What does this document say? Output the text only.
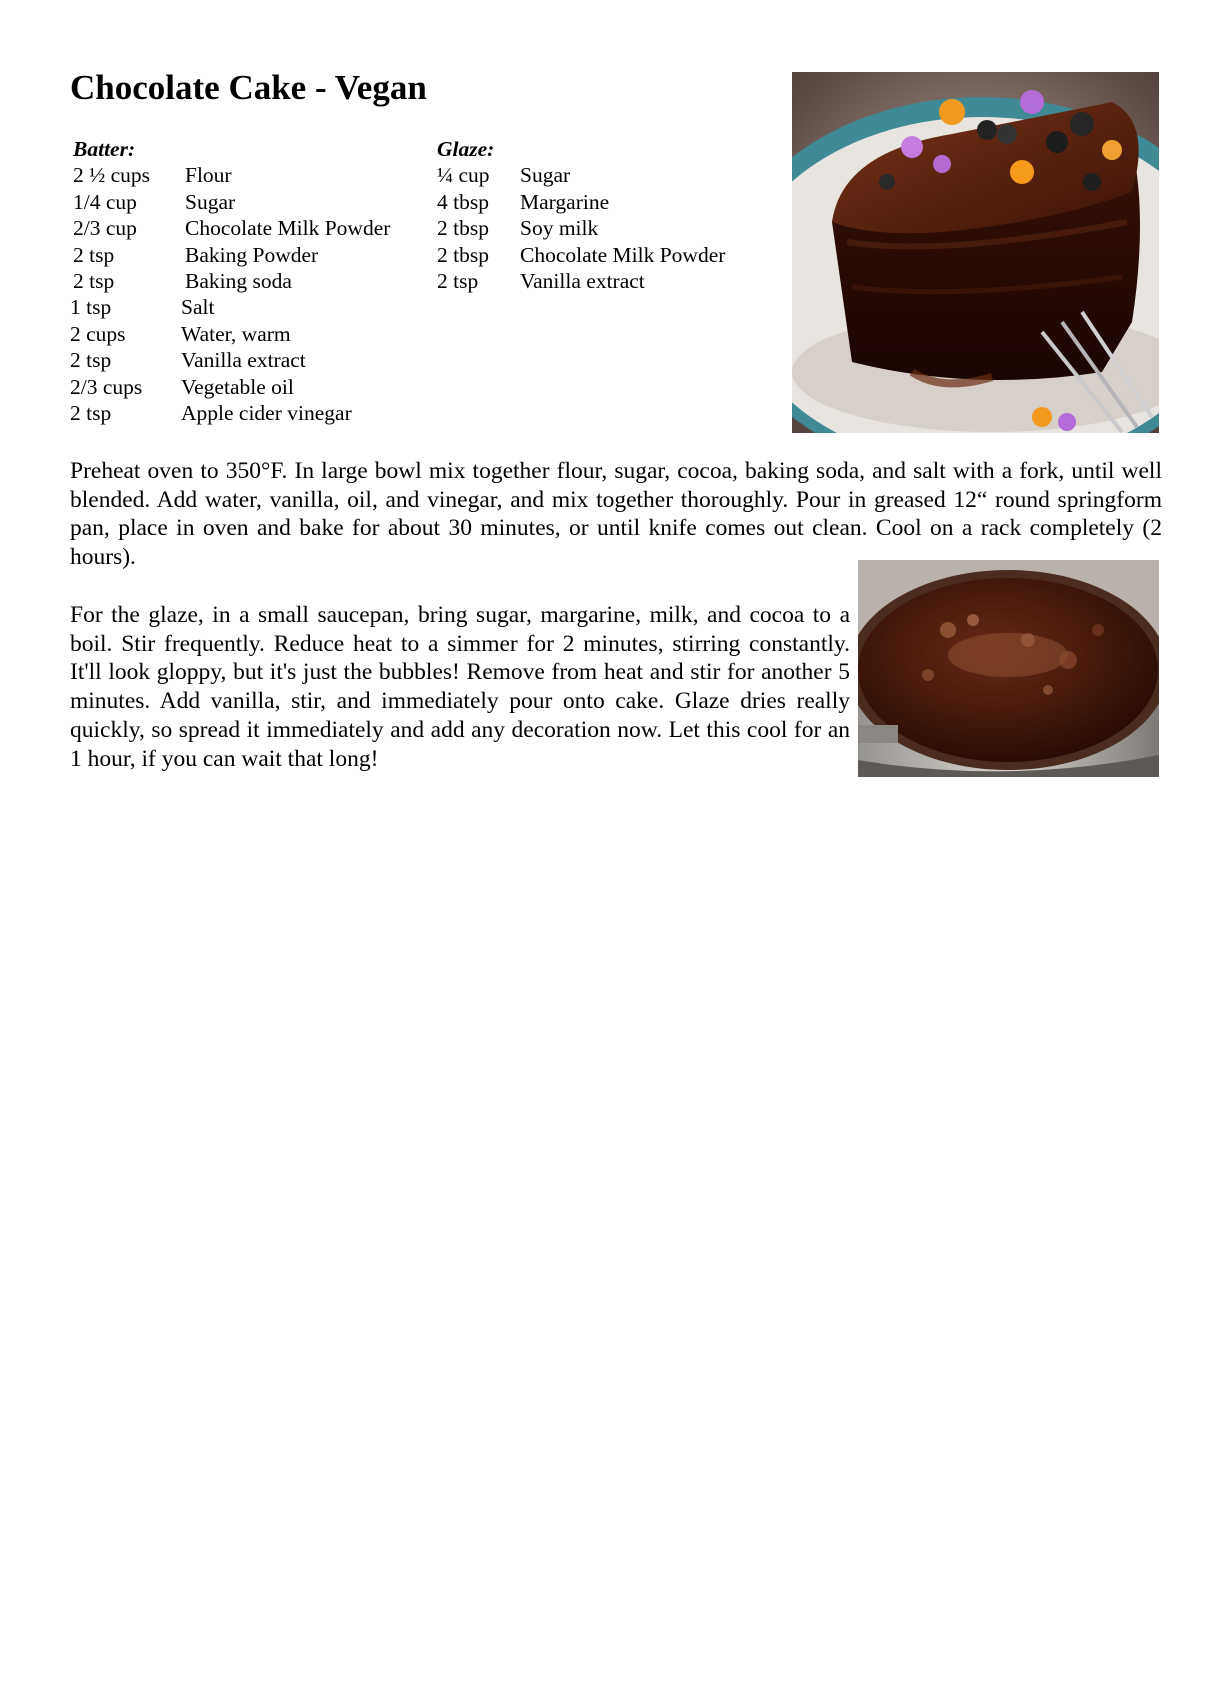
Chocolate Cake - Vegan
Batter:
2 ½ cups Flour
1/4 cup Sugar
2/3 cup Chocolate Milk Powder
2 tsp	Baking Powder
2 tsp	Baking soda
1 tsp	Salt
2 cups	Water, warm
2 tsp	Vanilla extract
2/3 cups Vegetable oil
2 tsp	Apple cider vinegar
Glaze:
¼ cup Sugar
4 tbsp Margarine
2 tbsp Soy milk
2 tbsp Chocolate Milk Powder
2 tsp Vanilla extract

Preheat oven to 350°F. In large bowl mix together flour, sugar, cocoa, baking soda, and salt with a fork, until well blended. Add water, vanilla, oil, and vinegar, and mix together thoroughly. Pour in greased 12“ round springform pan, place in oven and bake for about 30 minutes, or until knife comes out clean. Cool on a rack completely (2 hours).

For the glaze, in a small saucepan, bring sugar, margarine, milk, and cocoa to a boil. Stir frequently. Reduce heat to a simmer for 2 minutes, stirring constantly. It'll look gloppy, but it's just the bubbles! Remove from heat and stir for another 5 minutes. Add vanilla, stir, and immediately pour onto cake. Glaze dries really quickly, so spread it immediately and add any decoration now. Let this cool for an 1 hour, if you can wait that long!
